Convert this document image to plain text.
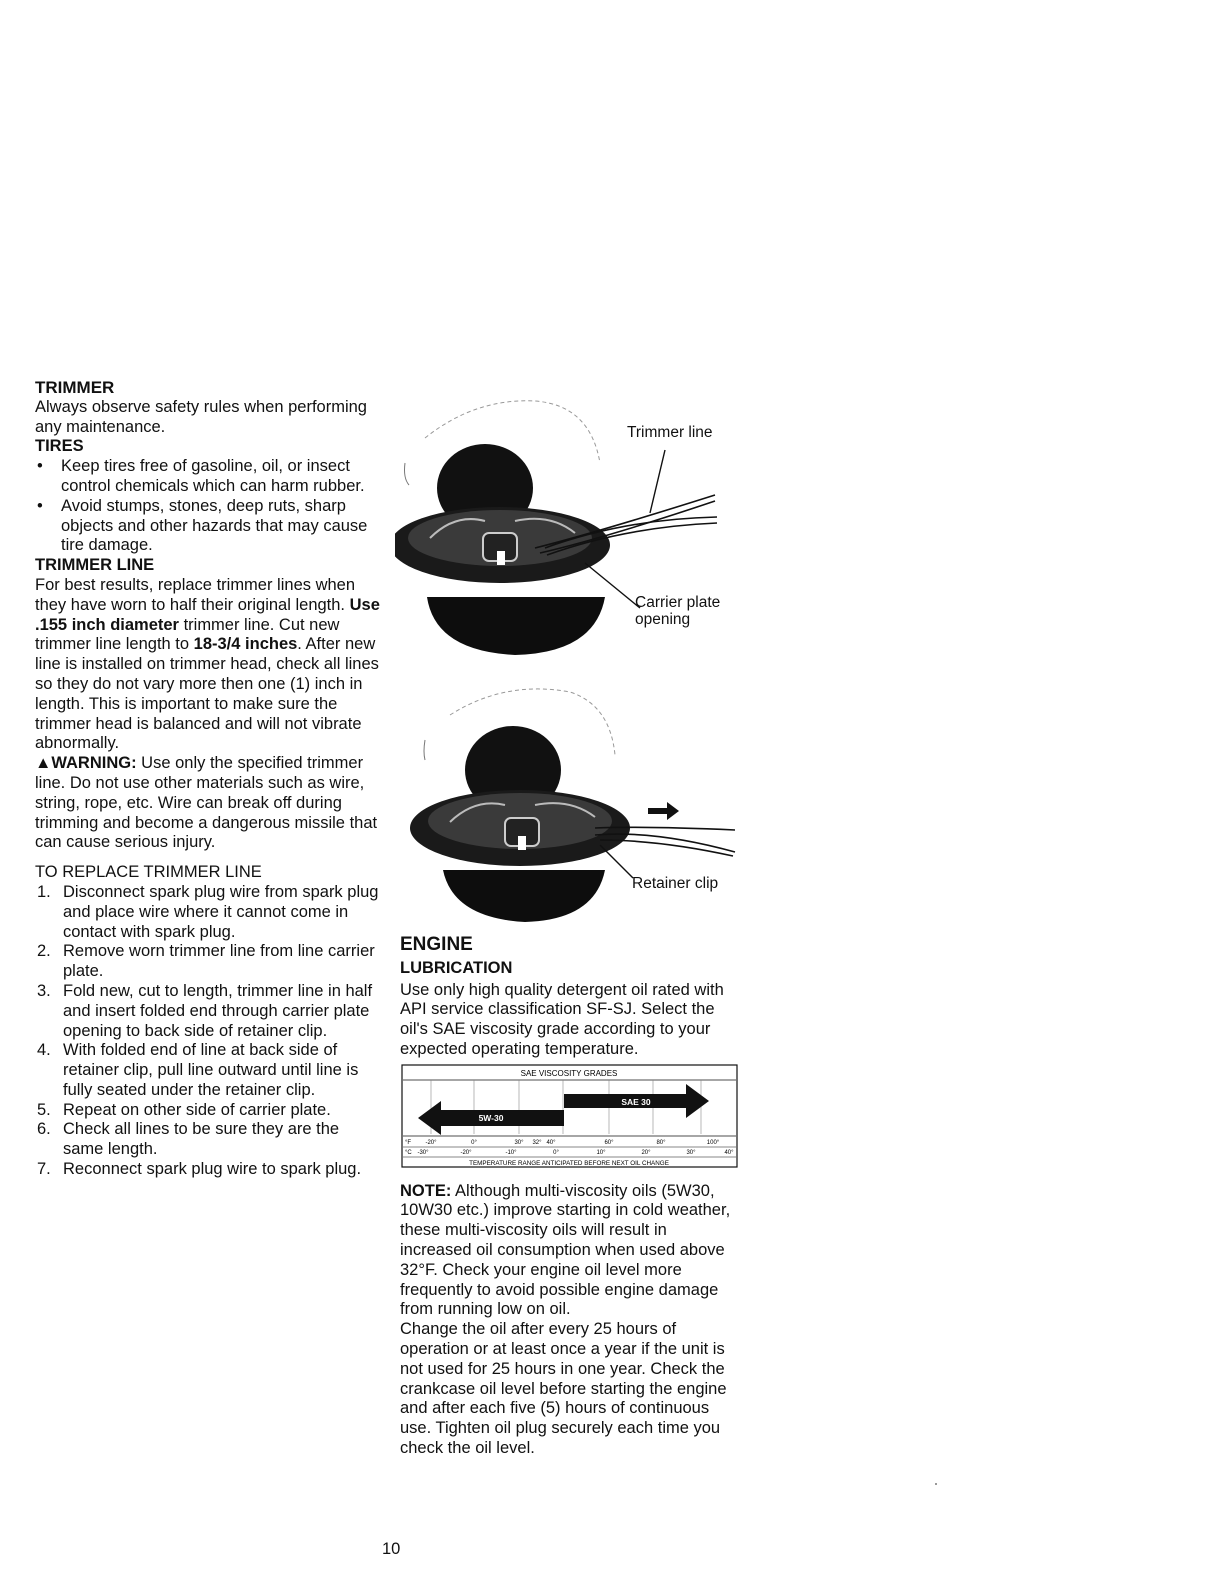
TRIMMER

Always observe safety rules when performing any maintenance.

TIRES

• Keep tires free of gasoline, oil, or insect control chemicals which can harm rubber.
• Avoid stumps, stones, deep ruts, sharp objects and other hazards that may cause tire damage.

TRIMMER LINE

For best results, replace trimmer lines when they have worn to half their original length. Use .155 inch diameter trimmer line. Cut new trimmer line length to 18-3/4 inches. After new line is installed on trimmer head, check all lines so they do not vary more then one (1) inch in length. This is important to make sure the trimmer head is balanced and will not vibrate abnormally.

▲WARNING: Use only the specified trimmer line. Do not use other materials such as wire, string, rope, etc. Wire can break off during trimming and become a dangerous missile that can cause serious injury.

TO REPLACE TRIMMER LINE

1. Disconnect spark plug wire from spark plug and place wire where it cannot come in contact with spark plug.
2. Remove worn trimmer line from line carrier plate.
3. Fold new, cut to length, trimmer line in half and insert folded end through carrier plate opening to back side of retainer clip.
4. With folded end of line at back side of retainer clip, pull line outward until line is fully seated under the retainer clip.
5. Repeat on other side of carrier plate.
6. Check all lines to be sure they are the same length.
7. Reconnect spark plug wire to spark plug.
Trimmer line
Carrier plate
opening
Retainer clip

ENGINE

LUBRICATION

Use only high quality detergent oil rated with API service classification SF-SJ. Select the oil's SAE viscosity grade according to your expected operating temperature.

SAE VISCOSITY GRADES
SAE 30
5W-30
°F -20°	0°	30° 32° 40°	60°	80°	100°
°C -30°	-20°	-10°	0°	10°	20°	30°	40°
TEMPERATURE RANGE ANTICIPATED BEFORE NEXT OIL CHANGE

NOTE: Although multi-viscosity oils (5W30, 10W30 etc.) improve starting in cold weather, these multi-viscosity oils will result in increased oil consumption when used above 32°F. Check your engine oil level more frequently to avoid possible engine damage from running low on oil.

Change the oil after every 25 hours of operation or at least once a year if the unit is not used for 25 hours in one year. Check the crankcase oil level before starting the engine and after each five (5) hours of continuous use. Tighten oil plug securely each time you check the oil level.

10
